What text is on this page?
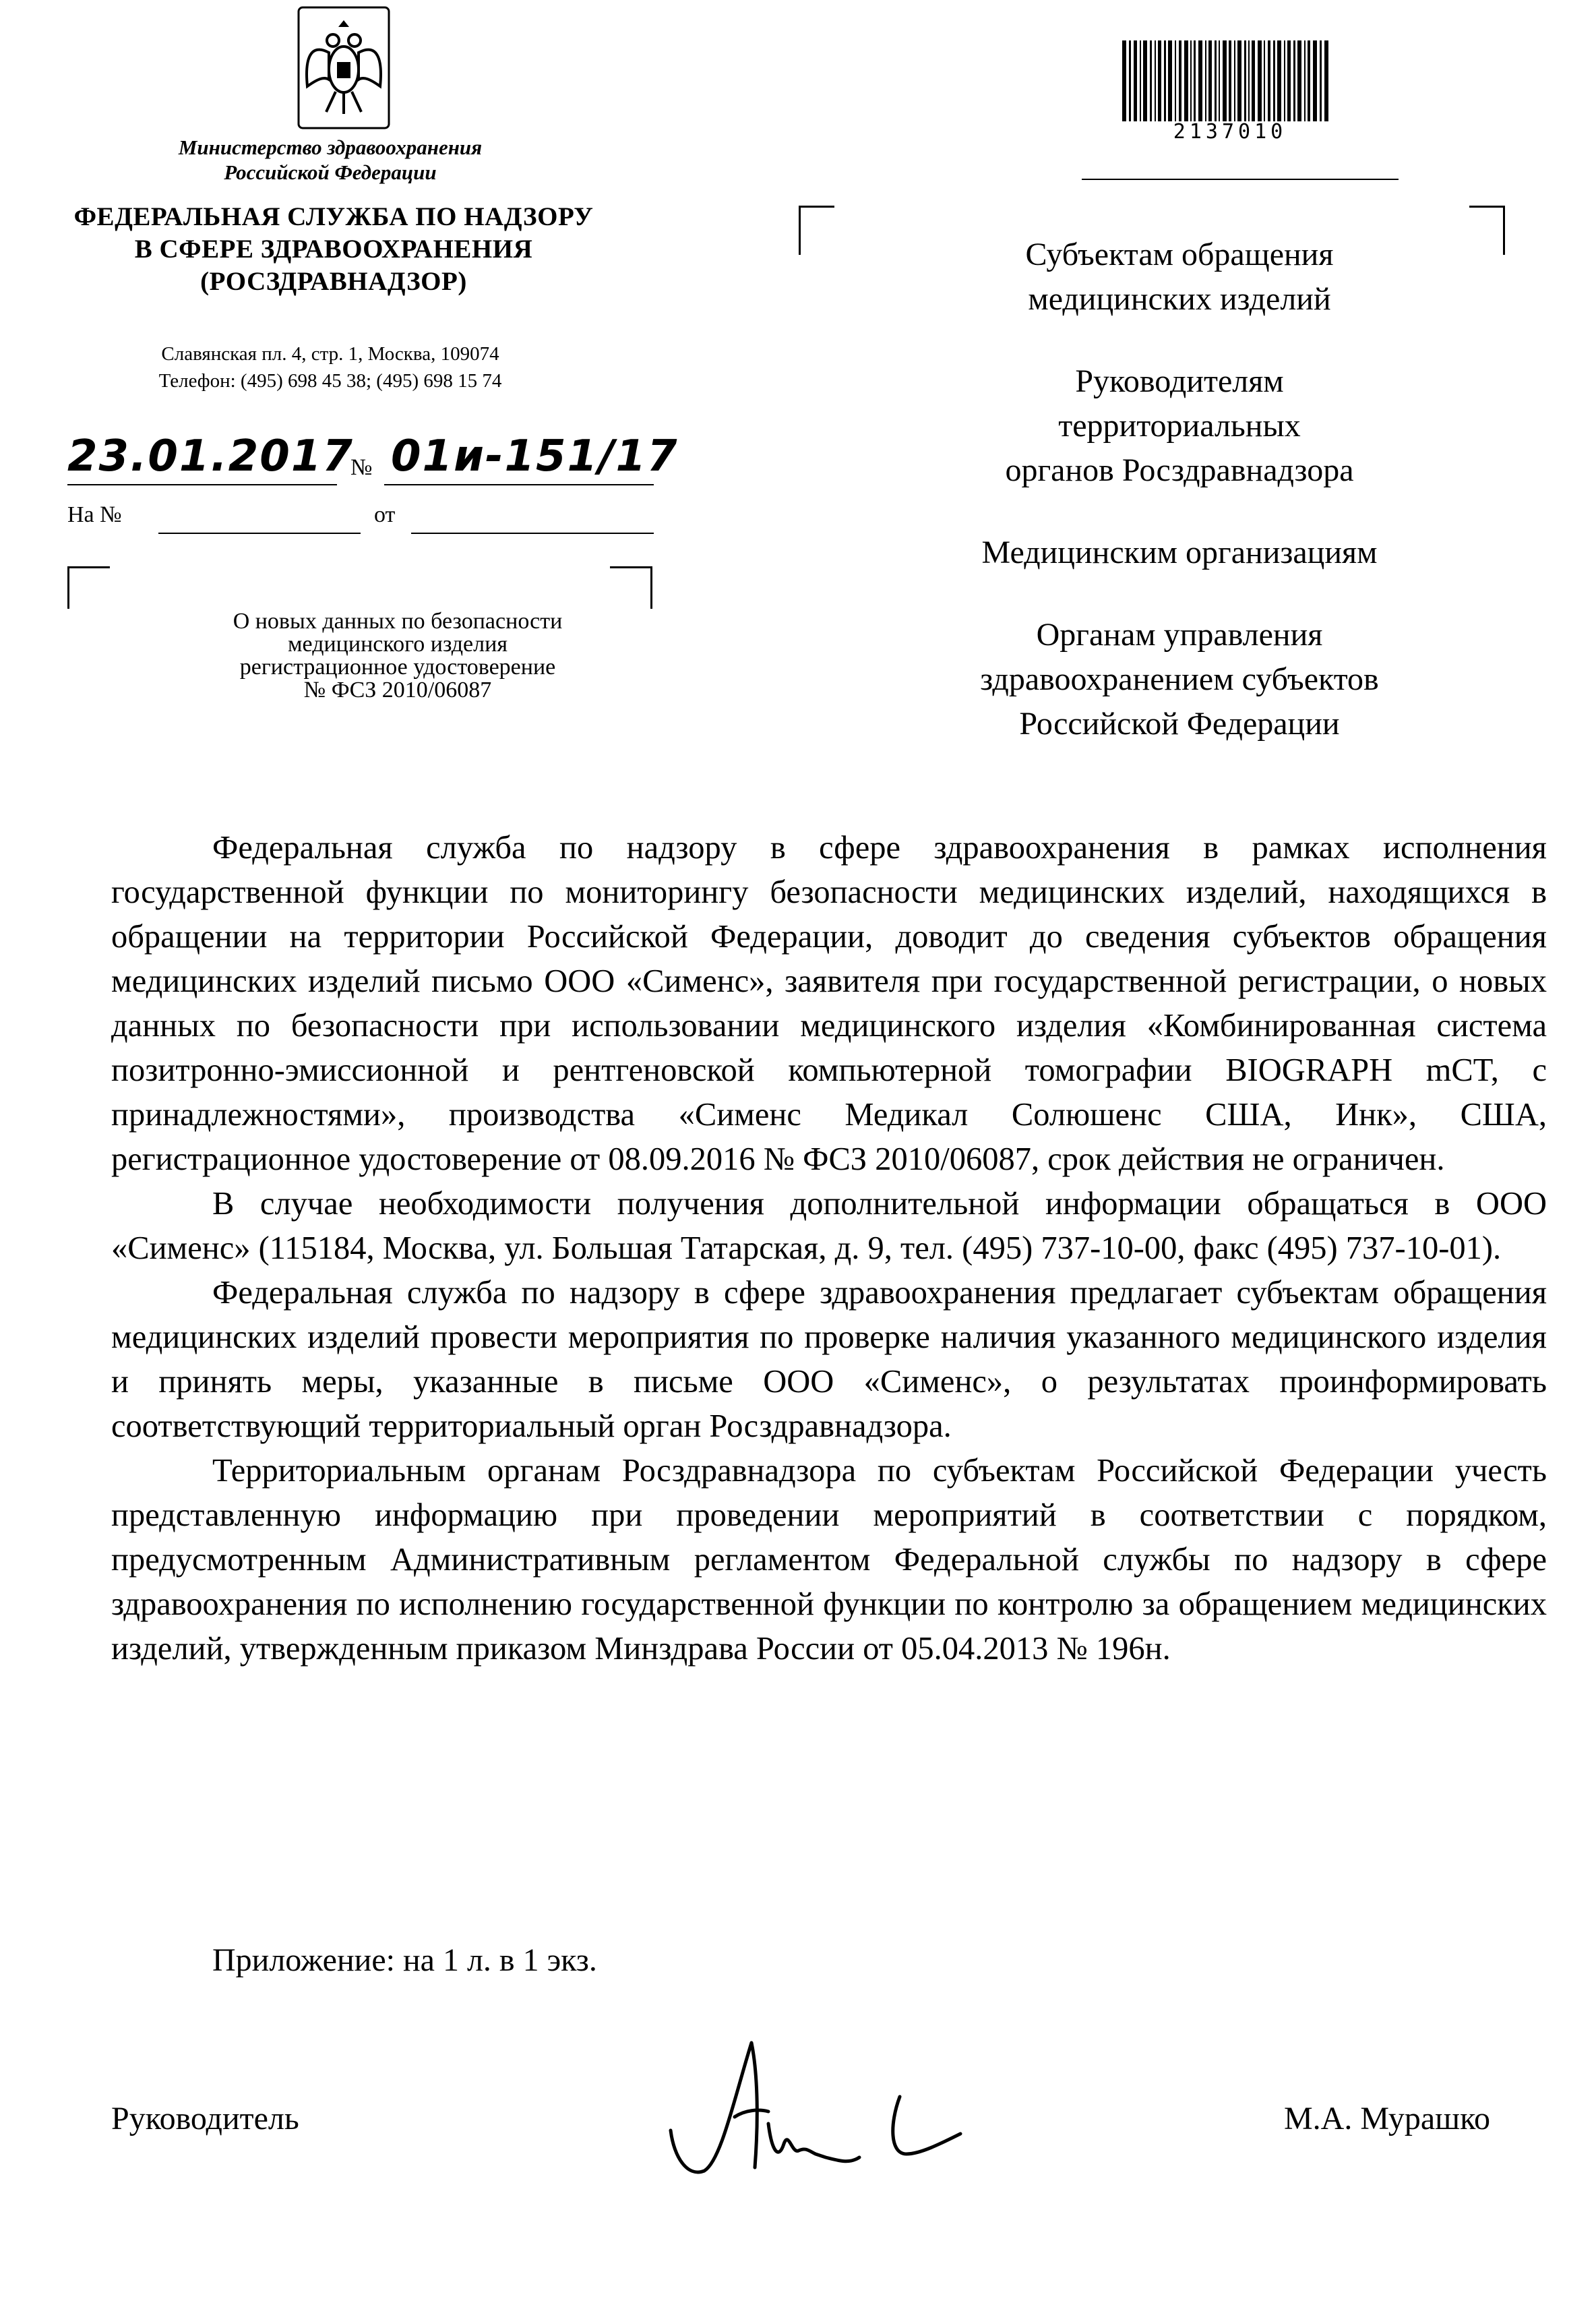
Министерство здравоохранения
Российской Федерации
ФЕДЕРАЛЬНАЯ СЛУЖБА ПО НАДЗОРУ
В СФЕРЕ ЗДРАВООХРАНЕНИЯ
(РОСЗДРАВНАДЗОР)
Славянская пл. 4, стр. 1, Москва, 109074
Телефон: (495) 698 45 38; (495) 698 15 74
23.01.2017
№ 01и-151/17
На №	от
О новых данных по безопасности
медицинского изделия
регистрационное удостоверение
№ ФСЗ 2010/06087
2137010
Субъектам обращения
медицинских изделий
Руководителям
территориальных
органов Росздравнадзора
Медицинским организациям
Органам управления
здравоохранением субъектов
Российской Федерации

Федеральная служба по надзору в сфере здравоохранения в рамках исполнения государственной функции по мониторингу безопасности медицинских изделий, находящихся в обращении на территории Российской Федерации, доводит до сведения субъектов обращения медицинских изделий письмо ООО «Сименс», заявителя при государственной регистрации, о новых данных по безопасности при использовании медицинского изделия «Комбинированная система позитронно-эмиссионной и рентгеновской компьютерной томографии BIOGRAPH mCT, с принадлежностями», производства «Сименс Медикал Солюшенс США, Инк», США, регистрационное удостоверение от 08.09.2016 № ФСЗ 2010/06087, срок действия не ограничен.

В случае необходимости получения дополнительной информации обращаться в ООО «Сименс» (115184, Москва, ул. Большая Татарская, д. 9, тел. (495) 737-10-00, факс (495) 737-10-01).

Федеральная служба по надзору в сфере здравоохранения предлагает субъектам обращения медицинских изделий провести мероприятия по проверке наличия указанного медицинского изделия и принять меры, указанные в письме ООО «Сименс», о результатах проинформировать соответствующий территориальный орган Росздравнадзора.

Территориальным органам Росздравнадзора по субъектам Российской Федерации учесть представленную информацию при проведении мероприятий в соответствии с порядком, предусмотренным Административным регламентом Федеральной службы по надзору в сфере здравоохранения по исполнению государственной функции по контролю за обращением медицинских изделий, утвержденным приказом Минздрава России от 05.04.2013 № 196н.

Приложение: на 1 л. в 1 экз.
Руководитель	М.А. Мурашко
